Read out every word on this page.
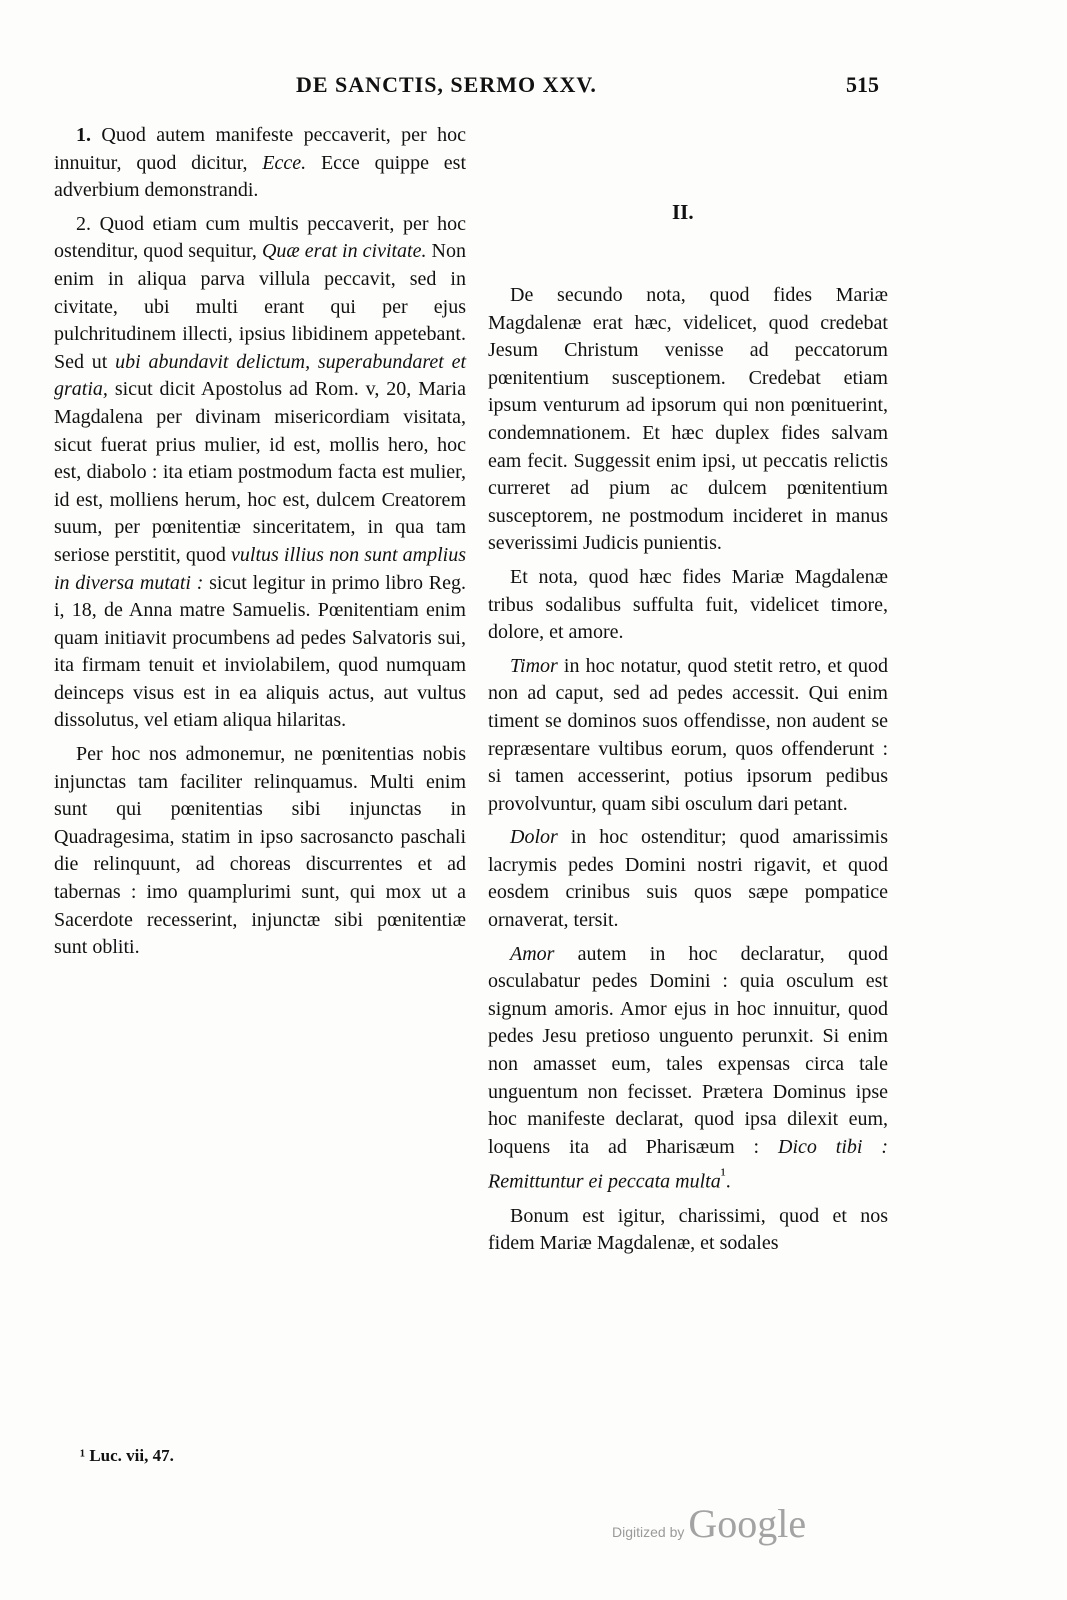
DE SANCTIS, SERMO XXV.	515

1. Quod autem manifeste peccaverit, per hoc innuitur, quod dicitur, Ecce. Ecce quippe est adverbium demonstrandi.

2. Quod etiam cum multis peccaverit, per hoc ostenditur, quod sequitur, Quæ erat in civitate. Non enim in aliqua parva villula peccavit, sed in civitate, ubi multi erant qui per ejus pulchritudinem illecti, ipsius libidinem appetebant. Sed ut ubi abundavit delictum, superabundaret et gratia, sicut dicit Apostolus ad Rom. v, 20, Maria Magdalena per divinam misericordiam visitata, sicut fuerat prius mulier, id est, mollis hero, hoc est, diabolo : ita etiam postmodum facta est mulier, id est, molliens herum, hoc est, dulcem Creatorem suum, per pœnitentiæ sinceritatem, in qua tam seriose perstitit, quod vultus illius non sunt amplius in diversa mutati : sicut legitur in primo libro Reg. i, 18, de Anna matre Samuelis. Pœnitentiam enim quam initiavit procumbens ad pedes Salvatoris sui, ita firmam tenuit et inviolabilem, quod numquam deinceps visus est in ea aliquis actus, aut vultus dissolutus, vel etiam aliqua hilaritas.

Per hoc nos admonemur, ne pœnitentias nobis injunctas tam faciliter relinquamus. Multi enim sunt qui pœnitentias sibi injunctas in Quadragesima, statim in ipso sacrosancto paschali die relinquunt, ad choreas discurrentes et ad tabernas : imo quamplurimi sunt, qui mox ut a Sacerdote recesserint, injunctæ sibi pœnitentiæ sunt obliti.

II.

De secundo nota, quod fides Mariæ Magdalenæ erat hæc, videlicet, quod credebat Jesum Christum venisse ad peccatorum pœnitentium susceptionem. Credebat etiam ipsum venturum ad ipsorum qui non pœnituerint, condemnationem. Et hæc duplex fides salvam eam fecit. Suggessit enim ipsi, ut peccatis relictis curreret ad pium ac dulcem pœnitentium susceptorem, ne postmodum incideret in manus severissimi Judicis punientis.

Et nota, quod hæc fides Mariæ Magdalenæ tribus sodalibus suffulta fuit, videlicet timore, dolore, et amore.

Timor in hoc notatur, quod stetit retro, et quod non ad caput, sed ad pedes accessit. Qui enim timent se dominos suos offendisse, non audent se repræsentare vultibus eorum, quos offenderunt : si tamen accesserint, potius ipsorum pedibus provolvuntur, quam sibi osculum dari petant.

Dolor in hoc ostenditur; quod amarissimis lacrymis pedes Domini nostri rigavit, et quod eosdem crinibus suis quos sæpe pompatice ornaverat, tersit.

Amor autem in hoc declaratur, quod osculabatur pedes Domini : quia osculum est signum amoris. Amor ejus in hoc innuitur, quod pedes Jesu pretioso unguento perunxit. Si enim non amasset eum, tales expensas circa tale unguentum non fecisset. Prætera Dominus ipse hoc manifeste declarat, quod ipsa dilexit eum, loquens ita ad Pharisæum : Dico tibi : Remittuntur ei peccata multa$^{^1}$.

Bonum est igitur, charissimi, quod et nos fidem Mariæ Magdalenæ, et sodales

¹ Luc. vii, 47.
Digitized by Google
